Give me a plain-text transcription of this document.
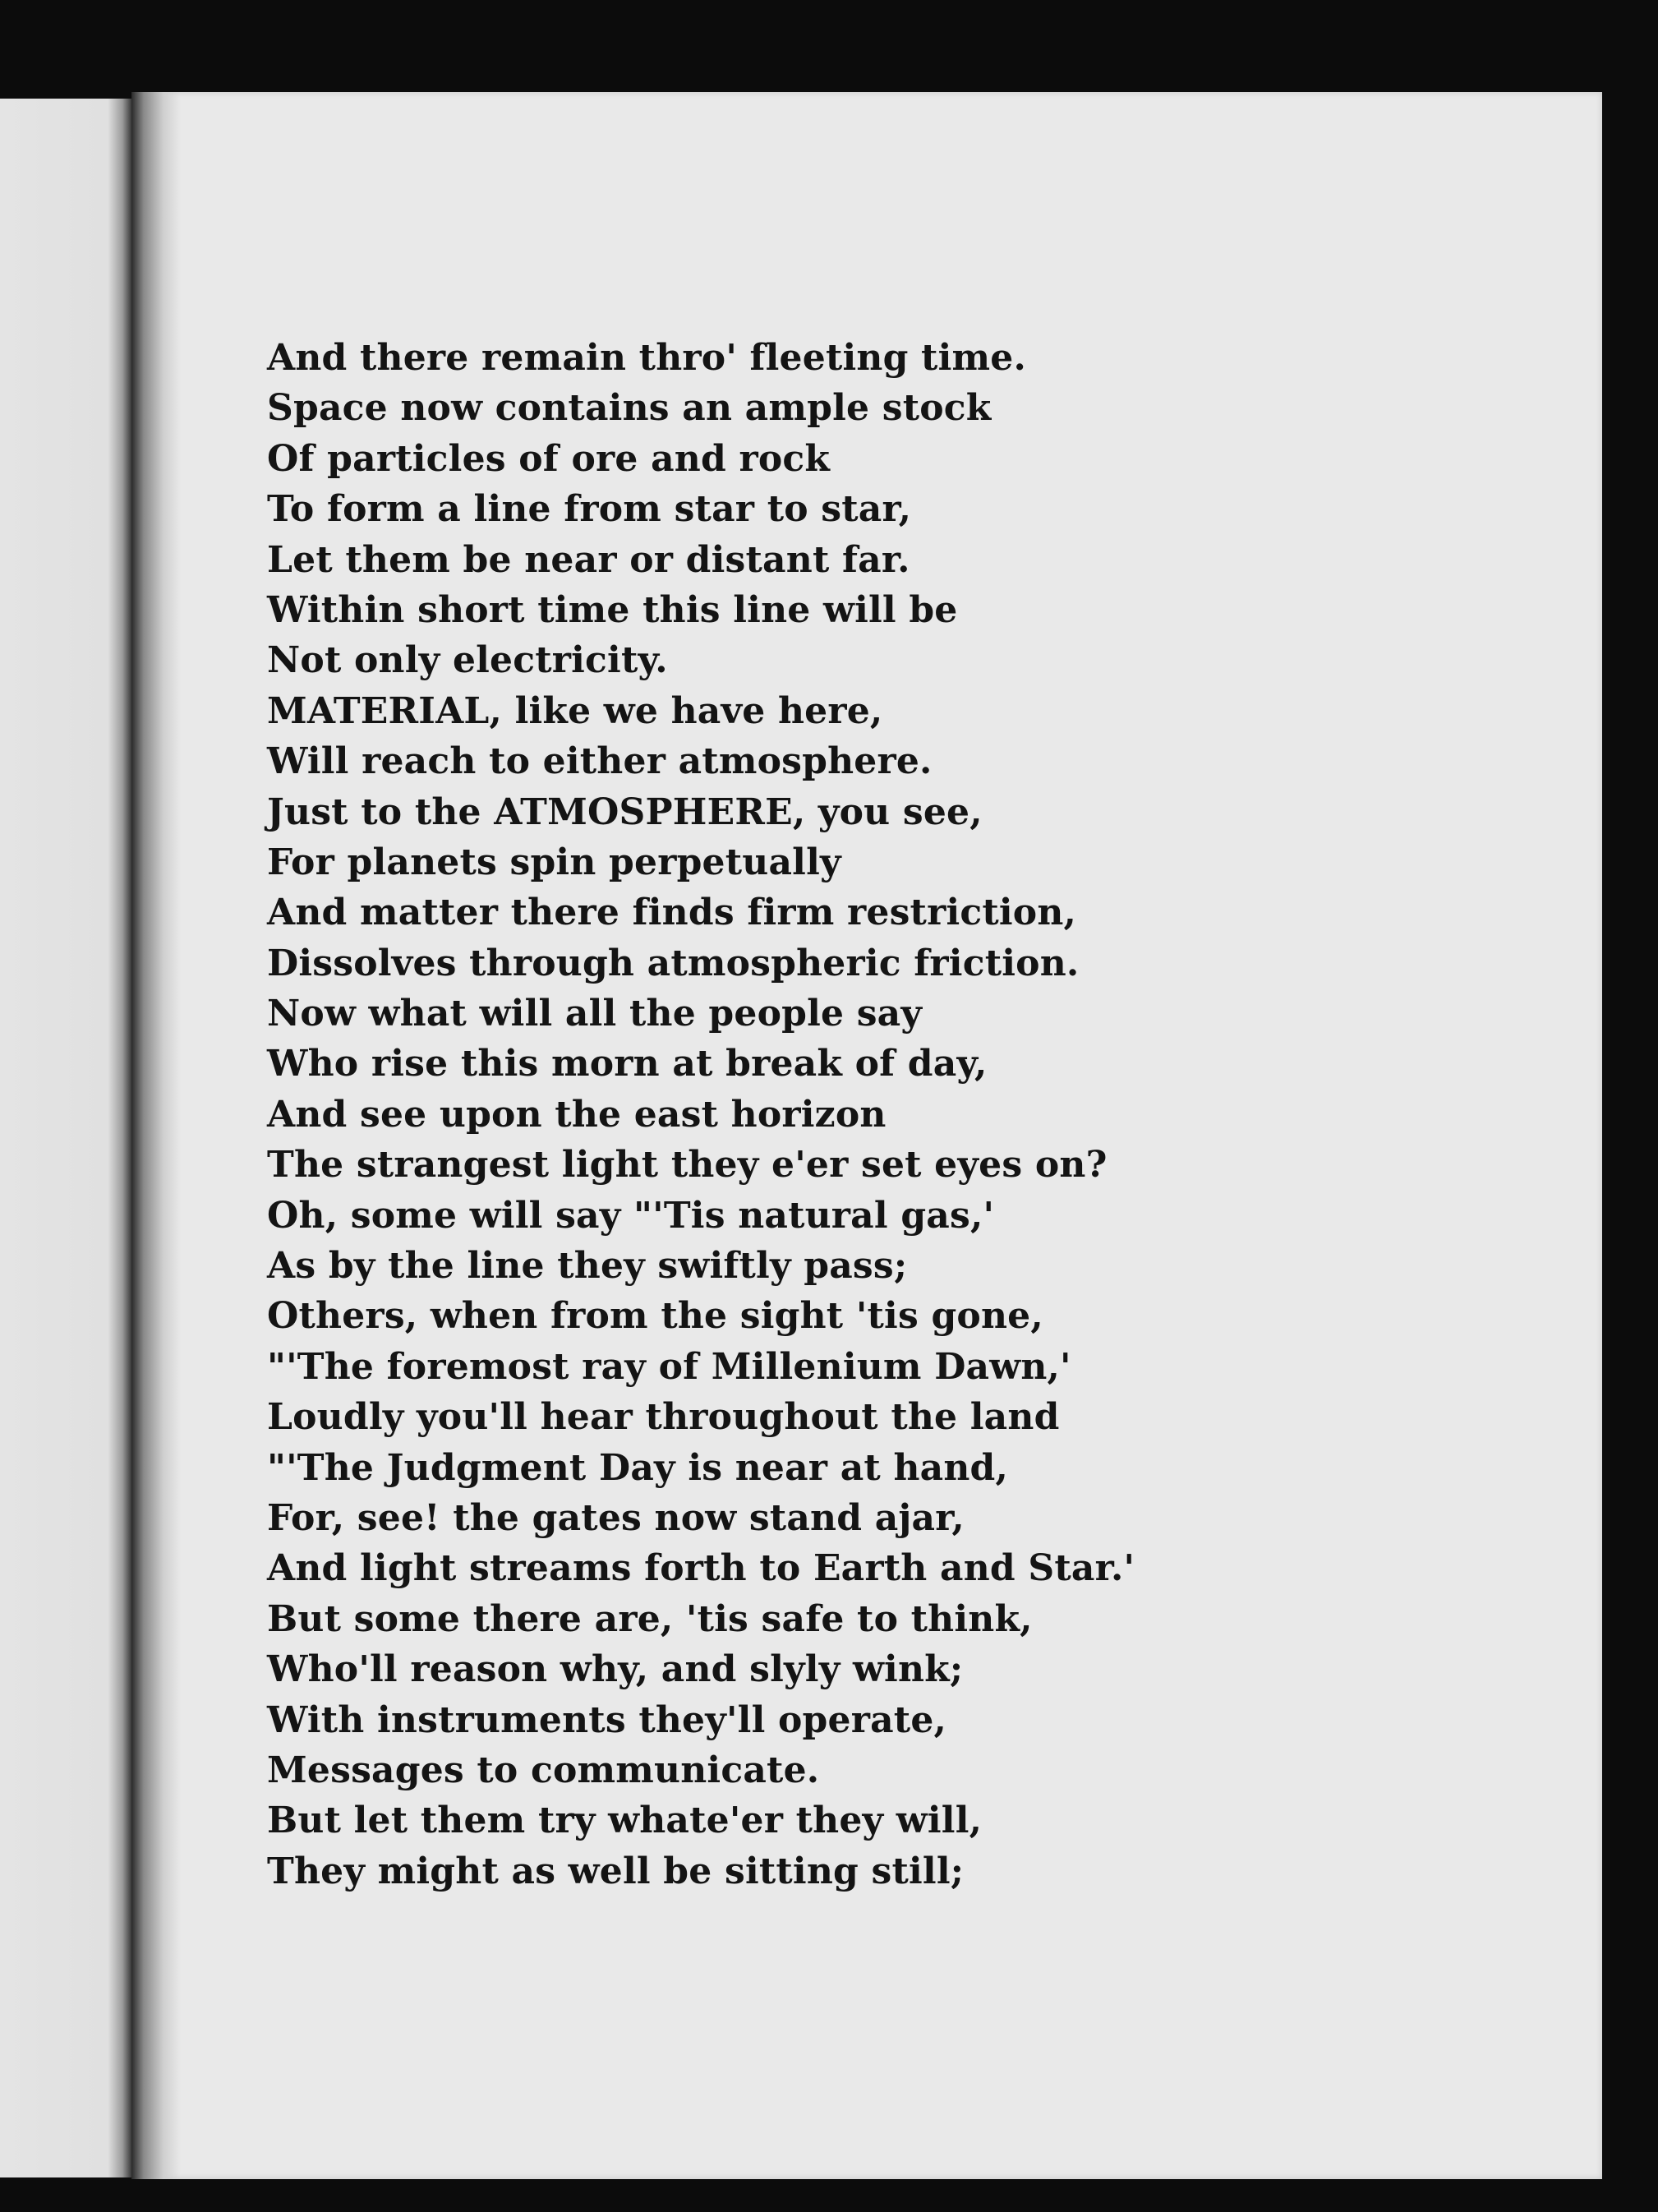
And there remain thro' fleeting time.
Space now contains an ample stock
Of particles of ore and rock
To form a line from star to star,
Let them be near or distant far.
Within short time this line will be
Not only electricity.
MATERIAL, like we have here,
Will reach to either atmosphere.
Just to the ATMOSPHERE, you see,
For planets spin perpetually
And matter there finds firm restriction,
Dissolves through atmospheric friction.
Now what will all the people say
Who rise this morn at break of day,
And see upon the east horizon
The strangest light they e'er set eyes on?
Oh, some will say "'Tis natural gas,'
As by the line they swiftly pass;
Others, when from the sight 'tis gone,
"'The foremost ray of Millenium Dawn,'
Loudly you'll hear throughout the land
"'The Judgment Day is near at hand,
For, see! the gates now stand ajar,
And light streams forth to Earth and Star.'
But some there are, 'tis safe to think,
Who'll reason why, and slyly wink;
With instruments they'll operate,
Messages to communicate.
But let them try whate'er they will,
They might as well be sitting still;
